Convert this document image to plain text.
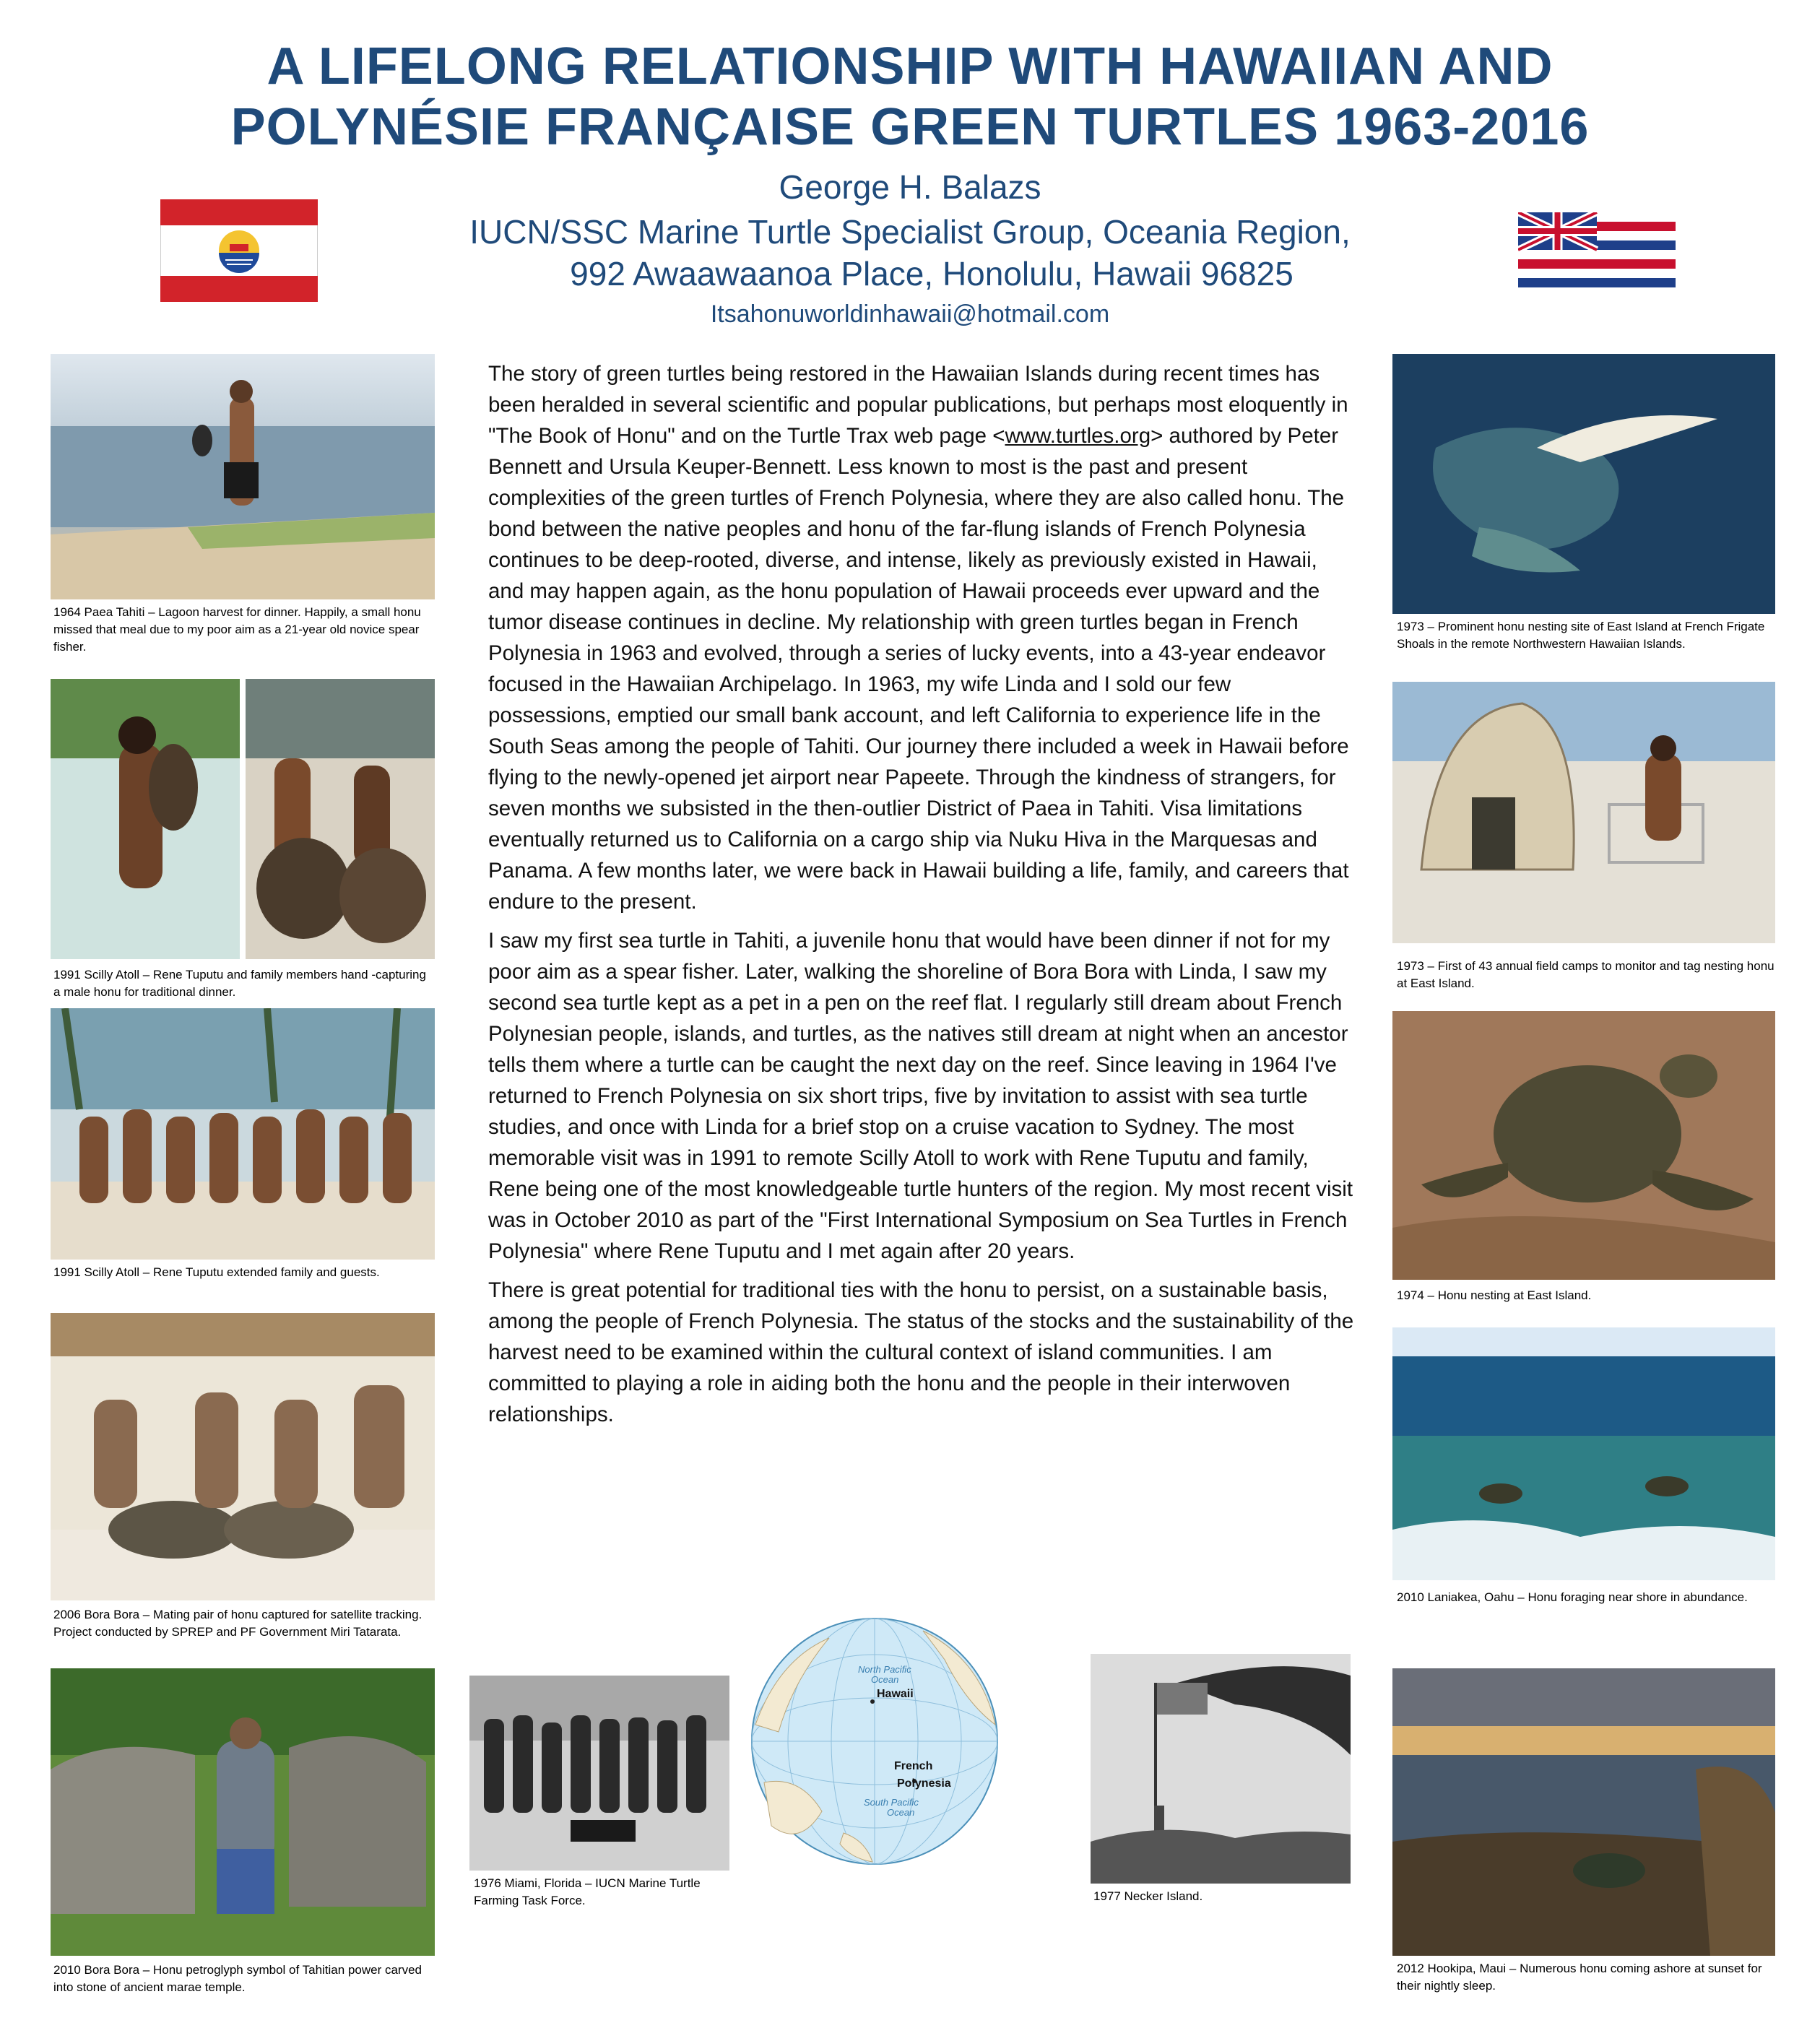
A LIFELONG RELATIONSHIP WITH HAWAIIAN AND
POLYNÉSIE FRANÇAISE GREEN TURTLES 1963-2016
George H. Balazs
IUCN/SSC Marine Turtle Specialist Group, Oceania Region,
992 Awaawaanoa Place, Honolulu, Hawaii 96825
Itsahonuworldinhawaii@hotmail.com
1964 Paea Tahiti – Lagoon harvest for dinner. Happily, a small honu missed that meal due to my poor aim as a 21-year old novice spear fisher.
1991 Scilly Atoll – Rene Tuputu and family members hand -capturing a male honu for traditional dinner.
1991 Scilly Atoll – Rene Tuputu extended family and guests.
2006 Bora Bora – Mating pair of honu captured for satellite tracking. Project conducted by SPREP and PF Government Miri Tatarata.
2010 Bora Bora – Honu petroglyph symbol of Tahitian power carved into stone of ancient marae temple.

The story of green turtles being restored in the Hawaiian Islands during recent times has been heralded in several scientific and popular publications, but perhaps most eloquently in "The Book of Honu" and on the Turtle Trax web page <www.turtles.org> authored by Peter Bennett and Ursula Keuper-Bennett. Less known to most is the past and present complexities of the green turtles of French Polynesia, where they are also called honu. The bond between the native peoples and honu of the far-flung islands of French Polynesia continues to be deep-rooted, diverse, and intense, likely as previously existed in Hawaii, and may happen again, as the honu population of Hawaii proceeds ever upward and the tumor disease continues in decline. My relationship with green turtles began in French Polynesia in 1963 and evolved, through a series of lucky events, into a 43-year endeavor focused in the Hawaiian Archipelago. In 1963, my wife Linda and I sold our few possessions, emptied our small bank account, and left California to experience life in the South Seas among the people of Tahiti. Our journey there included a week in Hawaii before flying to the newly-opened jet airport near Papeete. Through the kindness of strangers, for seven months we subsisted in the then-outlier District of Paea in Tahiti. Visa limitations eventually returned us to California on a cargo ship via Nuku Hiva in the Marquesas and Panama. A few months later, we were back in Hawaii building a life, family, and careers that endure to the present.

I saw my first sea turtle in Tahiti, a juvenile honu that would have been dinner if not for my poor aim as a spear fisher. Later, walking the shoreline of Bora Bora with Linda, I saw my second sea turtle kept as a pet in a pen on the reef flat. I regularly still dream about French Polynesian people, islands, and turtles, as the natives still dream at night when an ancestor tells them where a turtle can be caught the next day on the reef. Since leaving in 1964 I've returned to French Polynesia on six short trips, five by invitation to assist with sea turtle studies, and once with Linda for a brief stop on a cruise vacation to Sydney. The most memorable visit was in 1991 to remote Scilly Atoll to work with Rene Tuputu and family, Rene being one of the most knowledgeable turtle hunters of the region. My most recent visit was in October 2010 as part of the "First International Symposium on Sea Turtles in French Polynesia" where Rene Tuputu and I met again after 20 years.

There is great potential for traditional ties with the honu to persist, on a sustainable basis, among the people of French Polynesia. The status of the stocks and the sustainability of the harvest need to be examined within the cultural context of island communities. I am committed to playing a role in aiding both the honu and the people in their interwoven relationships.

1976 Miami, Florida – IUCN Marine Turtle Farming Task Force.
North Pacific
Ocean
Hawaii
French
Polynesia
South Pacific
Ocean
1977 Necker Island.
1973 – Prominent honu nesting site of East Island at French Frigate Shoals in the remote Northwestern Hawaiian Islands.
1973 – First of 43 annual field camps to monitor and tag nesting honu at East Island.
1974 – Honu nesting at East Island.
2010 Laniakea, Oahu – Honu foraging near shore in abundance.
2012 Hookipa, Maui – Numerous honu coming ashore at sunset for their nightly sleep.
